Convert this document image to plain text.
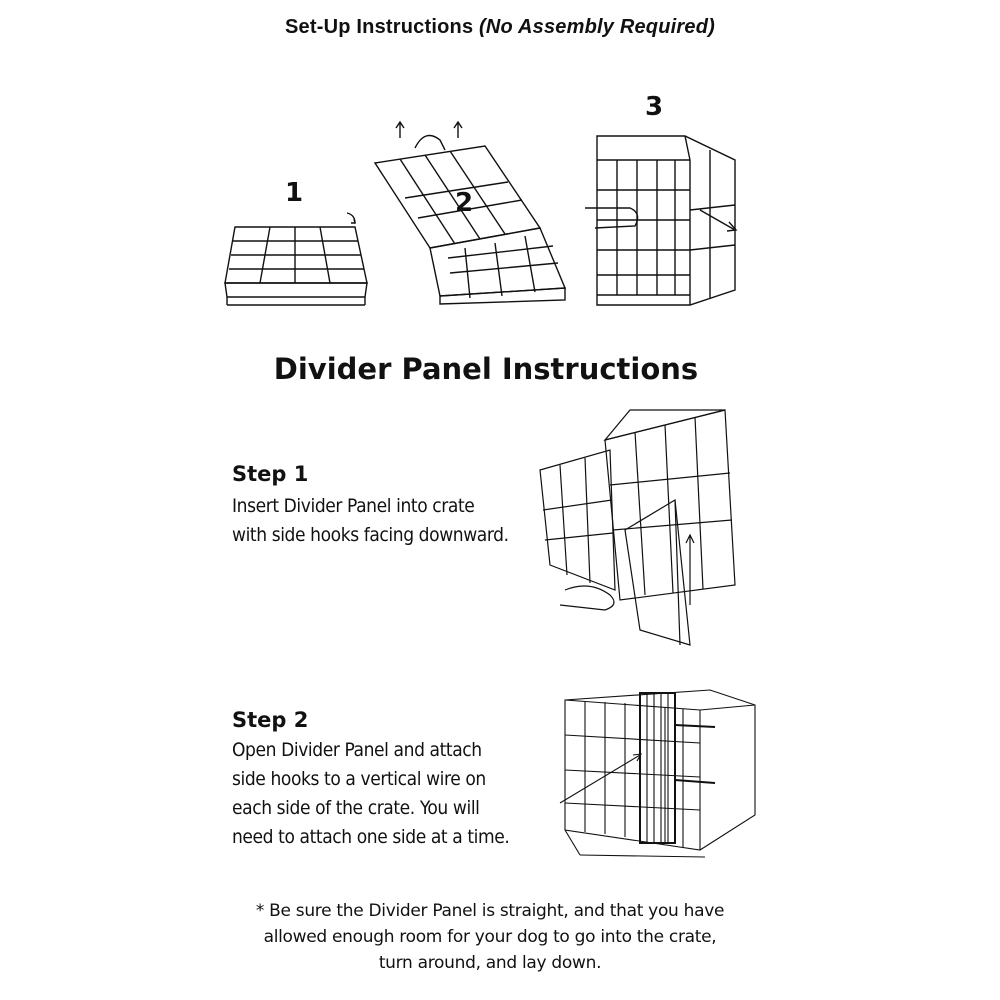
Set-Up Instructions (No Assembly Required)
1	2
3
Divider Panel Instructions
Step 1
Insert Divider Panel into crate
with side hooks facing downward.
Step 2
Open Divider Panel and attach
side hooks to a vertical wire on
each side of the crate. You will
need to attach one side at a time.
* Be sure the Divider Panel is straight, and that you have
allowed enough room for your dog to go into the crate,
turn around, and lay down.
